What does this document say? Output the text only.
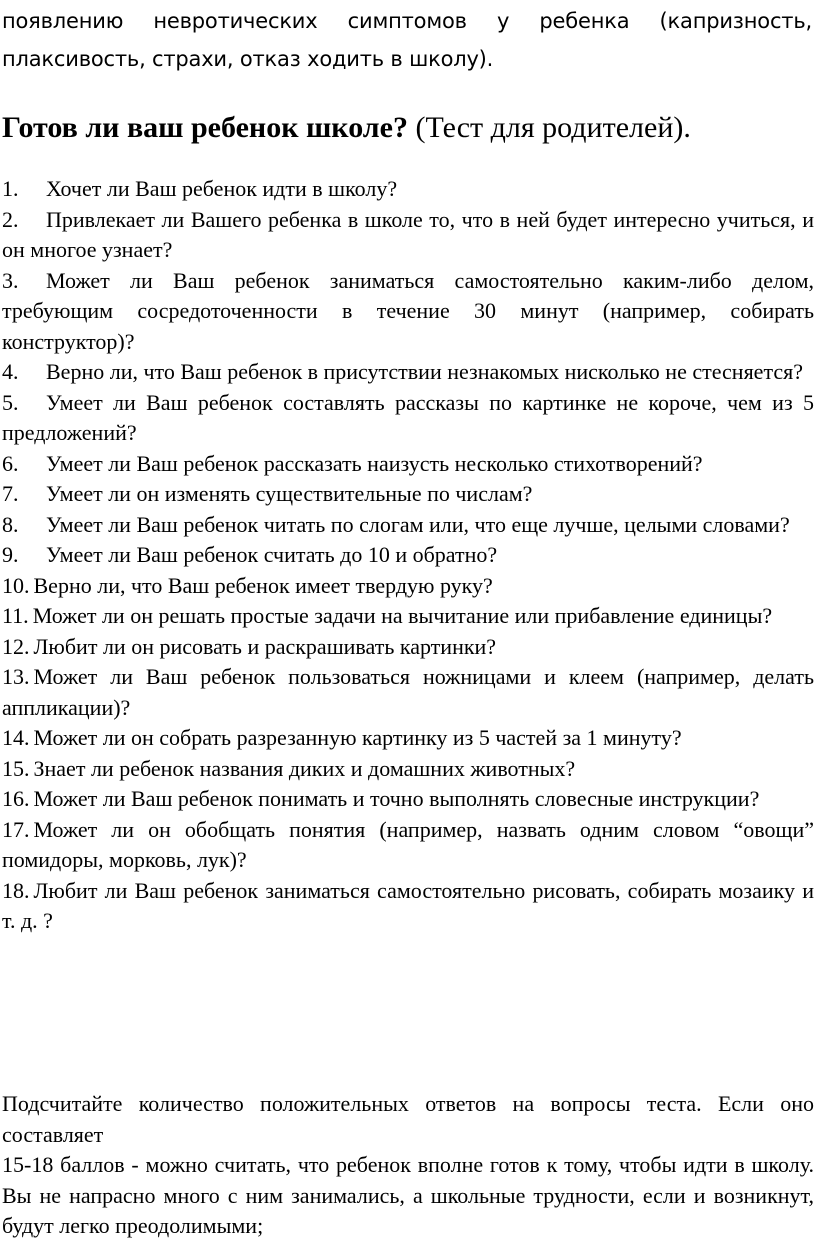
появлению невротических симптомов у ребенка (капризность, плаксивость, страхи, отказ ходить в школу).
Готов ли ваш ребенок школе? (Тест для родителей).
1. Хочет ли Ваш ребенок идти в школу?
2. Привлекает ли Вашего ребенка в школе то, что в ней будет интересно учиться, и он многое узнает?
3. Может ли Ваш ребенок заниматься самостоятельно каким-либо делом, требующим сосредоточенности в течение 30 минут (например, собирать конструктор)?
4. Верно ли, что Ваш ребенок в присутствии незнакомых нисколько не стесняется?
5. Умеет ли Ваш ребенок составлять рассказы по картинке не короче, чем из 5 предложений?
6. Умеет ли Ваш ребенок рассказать наизусть несколько стихотворений?
7. Умеет ли он изменять существительные по числам?
8. Умеет ли Ваш ребенок читать по слогам или, что еще лучше, целыми словами?
9. Умеет ли Ваш ребенок считать до 10 и обратно?
10. Верно ли, что Ваш ребенок имеет твердую руку?
11. Может ли он решать простые задачи на вычитание или прибавление единицы?
12. Любит ли он рисовать и раскрашивать картинки?
13. Может ли Ваш ребенок пользоваться ножницами и клеем (например, делать аппликации)?
14. Может ли он собрать разрезанную картинку из 5 частей за 1 минуту?
15. Знает ли ребенок названия диких и домашних животных?
16. Может ли Ваш ребенок понимать и точно выполнять словесные инструкции?
17. Может ли он обобщать понятия (например, назвать одним словом “овощи” помидоры, морковь, лук)?
18. Любит ли Ваш ребенок заниматься самостоятельно рисовать, собирать мозаику и т. д. ?

Подсчитайте количество положительных ответов на вопросы теста. Если оно составляет

15-18 баллов - можно считать, что ребенок вполне готов к тому, чтобы идти в школу. Вы не напрасно много с ним занимались, а школьные трудности, если и возникнут, будут легко преодолимыми;
